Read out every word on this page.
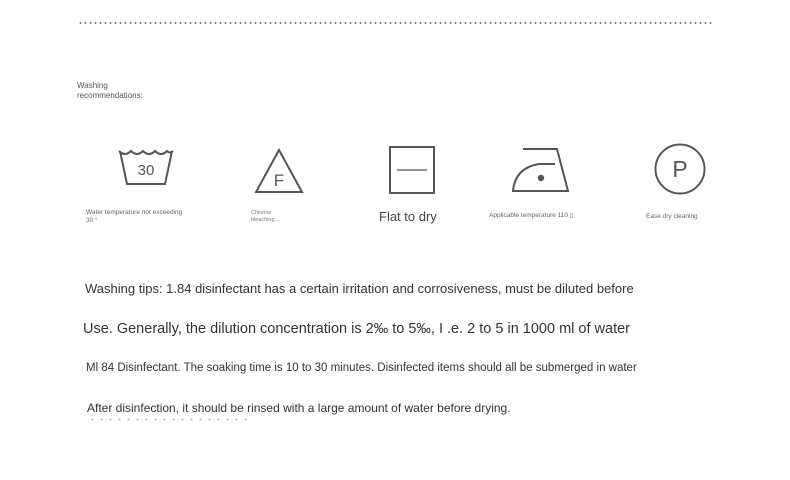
Washing
recommendations:
30
Water temperature not exceeding
30 °
F
Chlorine
bleaching ...	Flat to dry	Applicable temperature 110 ▯
P
Ease dry cleaning
Washing tips: 1.84 disinfectant has a certain irritation and corrosiveness, must be diluted before
Use. Generally, the dilution concentration is 2‰ to 5‰, I .e. 2 to 5 in 1000 ml of water
Ml 84 Disinfectant. The soaking time is 10 to 30 minutes. Disinfected items should all be submerged in water
After disinfection, it should be rinsed with a large amount of water before drying.
